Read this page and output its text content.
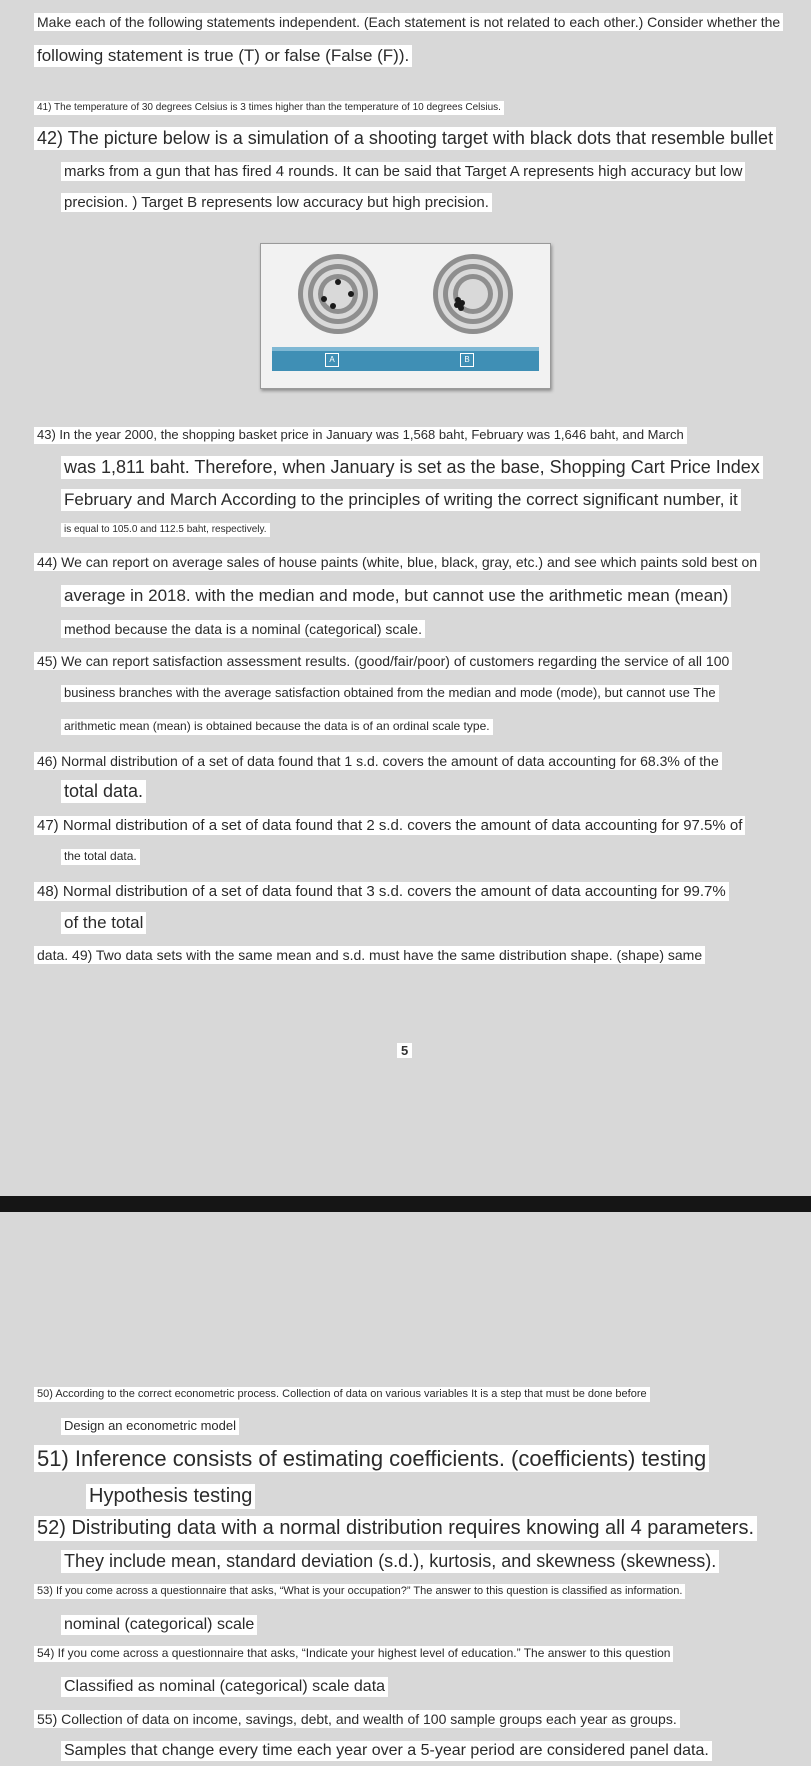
Make each of the following statements independent. (Each statement is not related to each other.) Consider whether the
following statement is true (T) or false (False (F)).
41) The temperature of 30 degrees Celsius is 3 times higher than the temperature of 10 degrees Celsius.
42) The picture below is a simulation of a shooting target with black dots that resemble bullet
marks from a gun that has fired 4 rounds. It can be said that Target A represents high accuracy but low
precision. ) Target B represents low accuracy but high precision.
A	B
43) In the year 2000, the shopping basket price in January was 1,568 baht, February was 1,646 baht, and March
was 1,811 baht. Therefore, when January is set as the base, Shopping Cart Price Index
February and March According to the principles of writing the correct significant number, it
is equal to 105.0 and 112.5 baht, respectively.
44) We can report on average sales of house paints (white, blue, black, gray, etc.) and see which paints sold best on
average in 2018. with the median and mode, but cannot use the arithmetic mean (mean)
method because the data is a nominal (categorical) scale.
45) We can report satisfaction assessment results. (good/fair/poor) of customers regarding the service of all 100
business branches with the average satisfaction obtained from the median and mode (mode), but cannot use The
arithmetic mean (mean) is obtained because the data is of an ordinal scale type.
46) Normal distribution of a set of data found that 1 s.d. covers the amount of data accounting for 68.3% of the
total data.
47) Normal distribution of a set of data found that 2 s.d. covers the amount of data accounting for 97.5% of
the total data.
48) Normal distribution of a set of data found that 3 s.d. covers the amount of data accounting for 99.7%
of the total
data. 49) Two data sets with the same mean and s.d. must have the same distribution shape. (shape) same
5
50) According to the correct econometric process. Collection of data on various variables It is a step that must be done before
Design an econometric model
51) Inference consists of estimating coefficients. (coefficients) testing
Hypothesis testing
52) Distributing data with a normal distribution requires knowing all 4 parameters.
They include mean, standard deviation (s.d.), kurtosis, and skewness (skewness).
53) If you come across a questionnaire that asks, “What is your occupation?” The answer to this question is classified as information.
nominal (categorical) scale
54) If you come across a questionnaire that asks, “Indicate your highest level of education.” The answer to this question
Classified as nominal (categorical) scale data
55) Collection of data on income, savings, debt, and wealth of 100 sample groups each year as groups.
Samples that change every time each year over a 5-year period are considered panel data.
